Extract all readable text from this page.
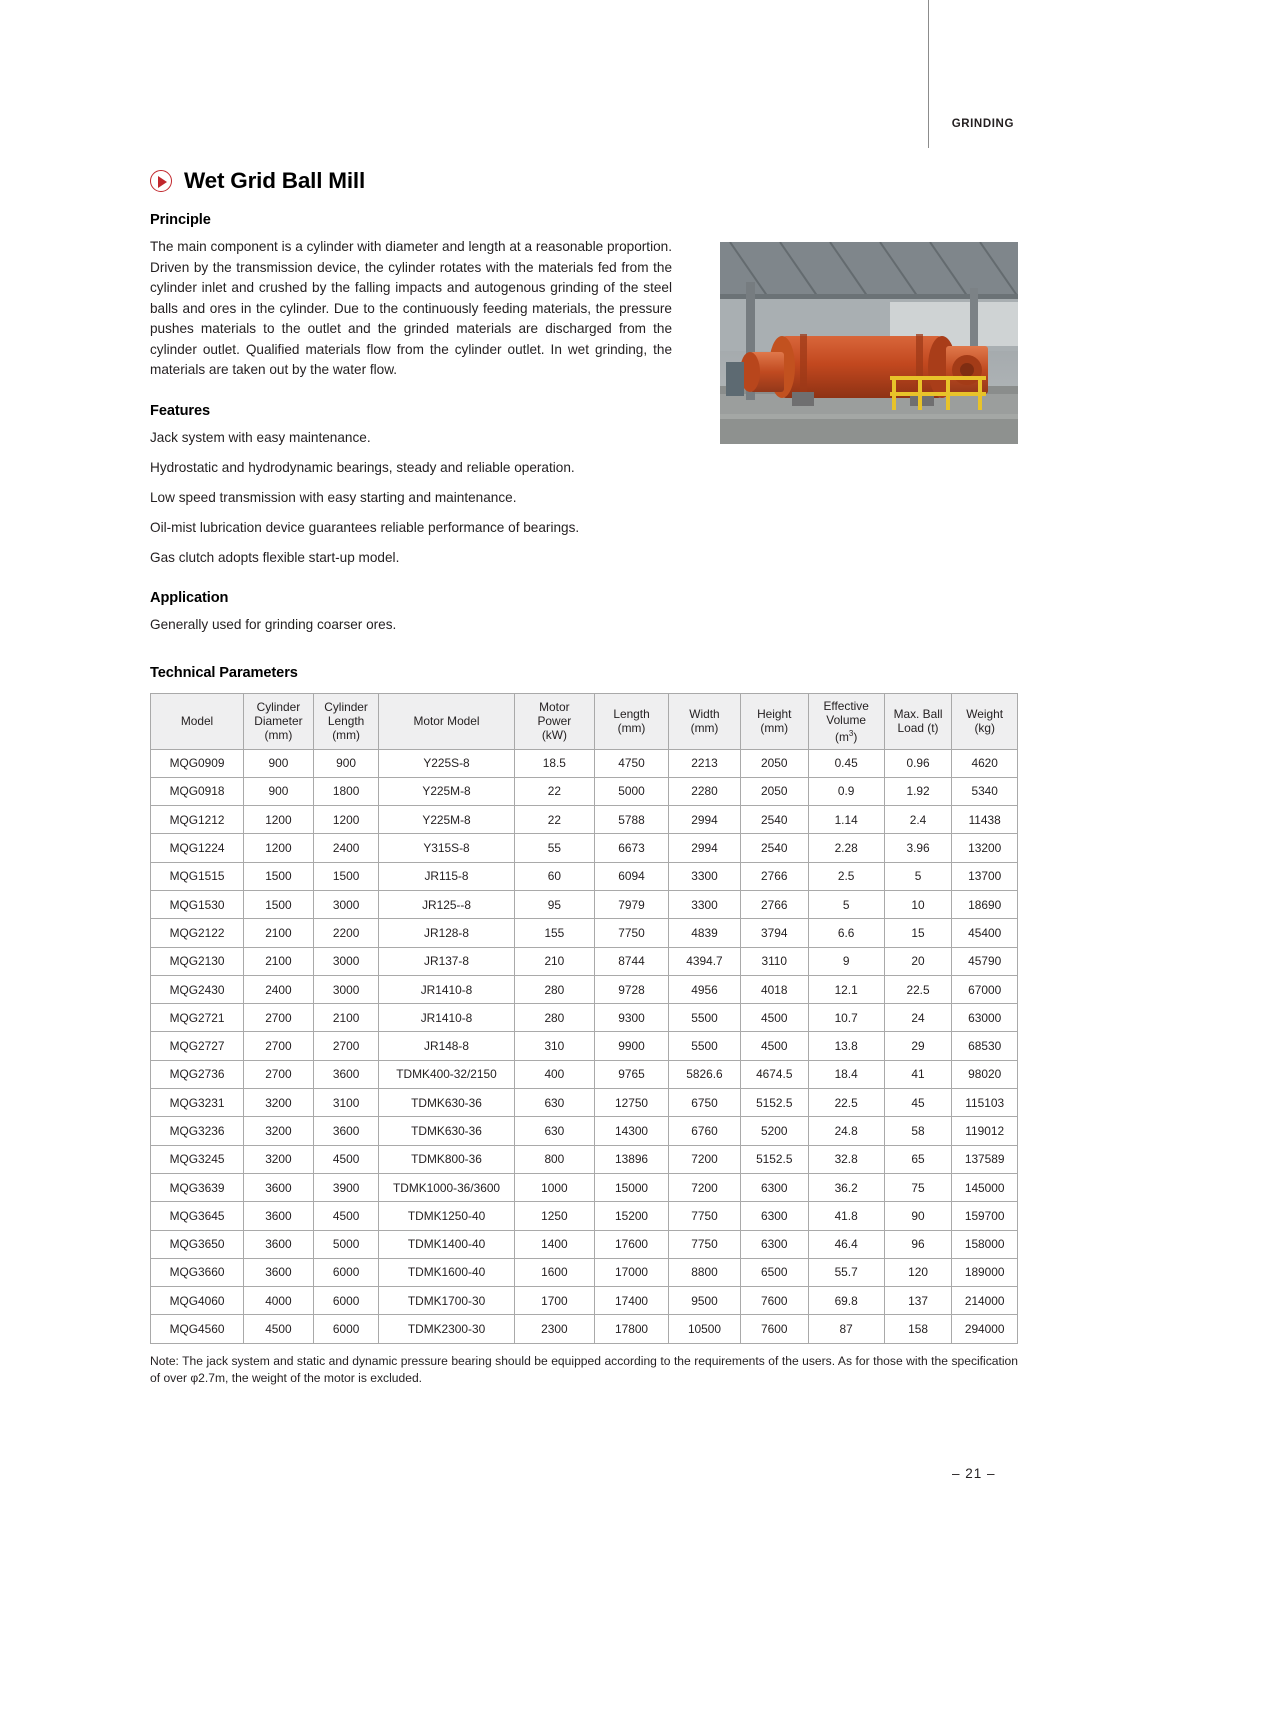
GRINDING
Wet Grid Ball Mill
Principle

The main component is a cylinder with diameter and length at a reasonable proportion. Driven by the transmission device, the cylinder rotates with the materials fed from the cylinder inlet and crushed by the falling impacts and autogenous grinding of the steel balls and ores in the cylinder. Due to the continuously feeding materials, the pressure pushes materials to the outlet and the grinded materials are discharged from the cylinder outlet. Qualified materials flow from the cylinder outlet. In wet grinding, the materials are taken out by the water flow.

Features

Jack system with easy maintenance.

Hydrostatic and hydrodynamic bearings, steady and reliable operation.

Low speed transmission with easy starting and maintenance.

Oil-mist lubrication device guarantees reliable performance of bearings.

Gas clutch adopts flexible start-up model.

Application

Generally used for grinding coarser ores.

Technical Parameters
Model	Cylinder
Diameter
(mm)	Cylinder
Length
(mm)	Motor Model	Motor
Power
(kW)	Length
(mm)	Width
(mm)	Height
(mm)	Effective
Volume
$(m^3)$	Max. Ball
Load (t)	Weight
(kg)
MQG0909	900	900	Y225S-8	18.5	4750	2213	2050	0.45	0.96	4620
MQG0918	900	1800	Y225M-8	22	5000	2280	2050	0.9	1.92	5340
MQG1212	1200	1200	Y225M-8	22	5788	2994	2540	1.14	2.4	11438
MQG1224	1200	2400	Y315S-8	55	6673	2994	2540	2.28	3.96	13200
MQG1515	1500	1500	JR115-8	60	6094	3300	2766	2.5	5	13700
MQG1530	1500	3000	JR125--8	95	7979	3300	2766	5	10	18690
MQG2122	2100	2200	JR128-8	155	7750	4839	3794	6.6	15	45400
MQG2130	2100	3000	JR137-8	210	8744	4394.7	3110	9	20	45790
MQG2430	2400	3000	JR1410-8	280	9728	4956	4018	12.1	22.5	67000
MQG2721	2700	2100	JR1410-8	280	9300	5500	4500	10.7	24	63000
MQG2727	2700	2700	JR148-8	310	9900	5500	4500	13.8	29	68530
MQG2736	2700	3600	TDMK400-32/2150	400	9765	5826.6	4674.5	18.4	41	98020
MQG3231	3200	3100	TDMK630-36	630	12750	6750	5152.5	22.5	45	115103
MQG3236	3200	3600	TDMK630-36	630	14300	6760	5200	24.8	58	119012
MQG3245	3200	4500	TDMK800-36	800	13896	7200	5152.5	32.8	65	137589
MQG3639	3600	3900	TDMK1000-36/3600	1000	15000	7200	6300	36.2	75	145000
MQG3645	3600	4500	TDMK1250-40	1250	15200	7750	6300	41.8	90	159700
MQG3650	3600	5000	TDMK1400-40	1400	17600	7750	6300	46.4	96	158000
MQG3660	3600	6000	TDMK1600-40	1600	17000	8800	6500	55.7	120	189000
MQG4060	4000	6000	TDMK1700-30	1700	17400	9500	7600	69.8	137	214000
MQG4560	4500	6000	TDMK2300-30	2300	17800	10500	7600	87	158	294000
Note: The jack system and static and dynamic pressure bearing should be equipped according to the requirements of the users. As for those with the specification of over φ2.7m, the weight of the motor is excluded.
– 21 –
